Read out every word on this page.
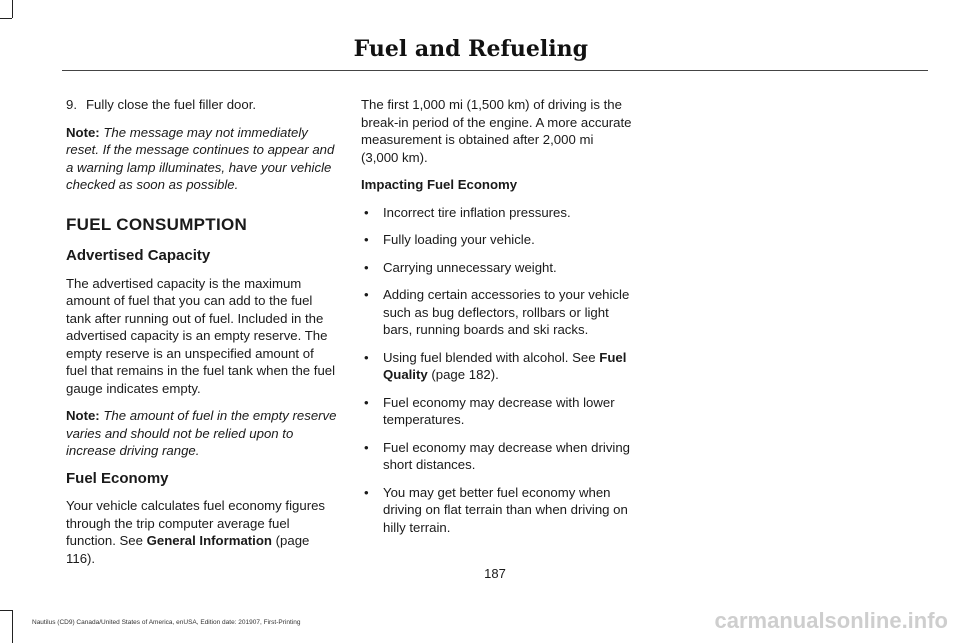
Fuel and Refueling
9. Fully close the fuel filler door.

Note: The message may not immediately reset. If the message continues to appear and a warning lamp illuminates, have your vehicle checked as soon as possible.

FUEL CONSUMPTION
Advertised Capacity

The advertised capacity is the maximum amount of fuel that you can add to the fuel tank after running out of fuel. Included in the advertised capacity is an empty reserve. The empty reserve is an unspecified amount of fuel that remains in the fuel tank when the fuel gauge indicates empty.

Note: The amount of fuel in the empty reserve varies and should not be relied upon to increase driving range.

Fuel Economy

Your vehicle calculates fuel economy figures through the trip computer average fuel function. See General Information (page 116).

The first 1,000 mi (1,500 km) of driving is the break-in period of the engine. A more accurate measurement is obtained after 2,000 mi (3,000 km).

Impacting Fuel Economy

• Incorrect tire inflation pressures.
• Fully loading your vehicle.
• Carrying unnecessary weight.
• Adding certain accessories to your vehicle such as bug deflectors, rollbars or light bars, running boards and ski racks.
• Using fuel blended with alcohol. See Fuel Quality (page 182).
• Fuel economy may decrease with lower temperatures.
• Fuel economy may decrease when driving short distances.
• You may get better fuel economy when driving on flat terrain than when driving on hilly terrain.
187
Nautilus (CD9) Canada/United States of America, enUSA, Edition date: 201907, First-Printing	carmanualsonline.info
